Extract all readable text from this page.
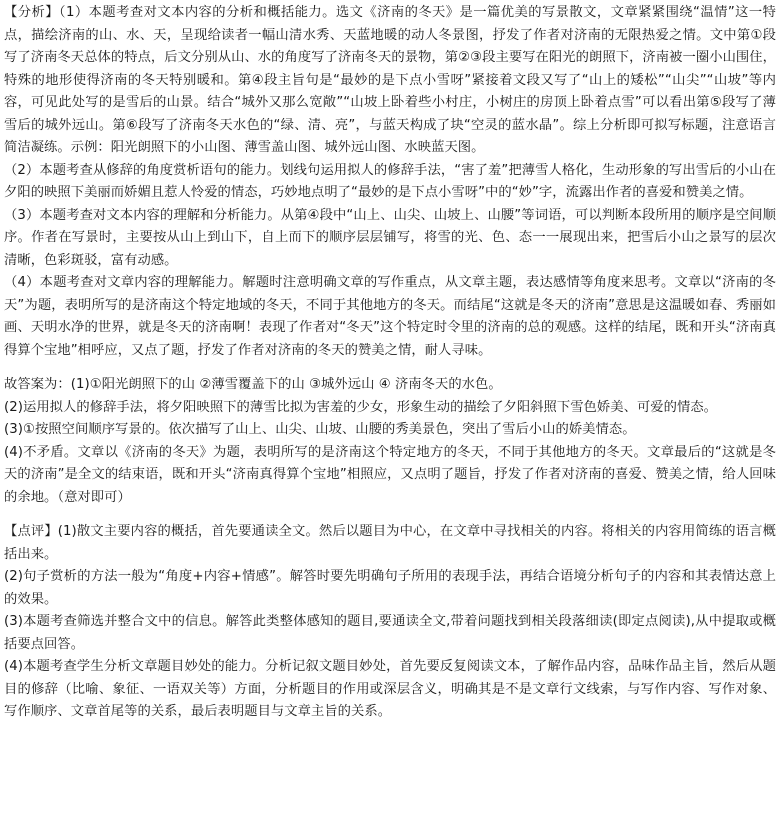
【分析】（1）本题考查对文本内容的分析和概括能力。选文《济南的冬天》是一篇优美的写景散文，文章紧紧围绕“温情”这一特点，描绘济南的山、水、天，呈现给读者一幅山清水秀、天蓝地暖的动人冬景图，抒发了作者对济南的无限热爱之情。文中第①段写了济南冬天总体的特点，后文分别从山、水的角度写了济南冬天的景物，第②③段主要写在阳光的朗照下，济南被一圈小山围住，特殊的地形使得济南的冬天特别暖和。第④段主旨句是“最妙的是下点小雪呀”紧接着文段又写了“山上的矮松”“山尖”“山坡”等内容，可见此处写的是雪后的山景。结合“城外又那么宽敞”“山坡上卧着些小村庄，小树庄的房顶上卧着点雪”可以看出第⑤段写了薄雪后的城外远山。第⑥段写了济南冬天水色的“绿、清、亮”，与蓝天构成了块“空灵的蓝水晶”。综上分析即可拟写标题，注意语言简洁凝练。示例：阳光朗照下的小山图、薄雪盖山图、城外远山图、水映蓝天图。

（2）本题考查从修辞的角度赏析语句的能力。划线句运用拟人的修辞手法，“害了羞”把薄雪人格化，生动形象的写出雪后的小山在夕阳的映照下美丽而娇媚且惹人怜爱的情态，巧妙地点明了“最妙的是下点小雪呀”中的“妙”字，流露出作者的喜爱和赞美之情。

（3）本题考查对文本内容的理解和分析能力。从第④段中“山上、山尖、山坡上、山腰”等词语，可以判断本段所用的顺序是空间顺序。作者在写景时，主要按从山上到山下，自上而下的顺序层层铺写，将雪的光、色、态一一展现出来，把雪后小山之景写的层次清晰，色彩斑驳，富有动感。

（4）本题考查对文章内容的理解能力。解题时注意明确文章的写作重点，从文章主题，表达感情等角度来思考。文章以“济南的冬天”为题，表明所写的是济南这个特定地域的冬天，不同于其他地方的冬天。而结尾“这就是冬天的济南”意思是这温暖如春、秀丽如画、天明水净的世界，就是冬天的济南啊！表现了作者对“冬天”这个特定时令里的济南的总的观感。这样的结尾，既和开头“济南真得算个宝地”相呼应，又点了题，抒发了作者对济南的冬天的赞美之情，耐人寻味。

故答案为：(1)①阳光朗照下的山 ②薄雪覆盖下的山 ③城外远山 ④ 济南冬天的水色。

(2)运用拟人的修辞手法，将夕阳映照下的薄雪比拟为害羞的少女，形象生动的描绘了夕阳斜照下雪色娇美、可爱的情态。

(3)①按照空间顺序写景的。依次描写了山上、山尖、山坡、山腰的秀美景色，突出了雪后小山的娇美情态。

(4)不矛盾。文章以《济南的冬天》为题，表明所写的是济南这个特定地方的冬天，不同于其他地方的冬天。文章最后的“这就是冬天的济南”是全文的结束语，既和开头“济南真得算个宝地”相照应，又点明了题旨，抒发了作者对济南的喜爱、赞美之情，给人回味的余地。（意对即可）

【点评】(1)散文主要内容的概括，首先要通读全文。然后以题目为中心，在文章中寻找相关的内容。将相关的内容用简练的语言概括出来。

(2)句子赏析的方法一般为“角度+内容+情感”。解答时要先明确句子所用的表现手法，再结合语境分析句子的内容和其表情达意上的效果。

(3)本题考查筛选并整合文中的信息。解答此类整体感知的题目,要通读全文,带着问题找到相关段落细读(即定点阅读),从中提取或概括要点回答。

(4)本题考查学生分析文章题目妙处的能力。分析记叙文题目妙处，首先要反复阅读文本，了解作品内容，品味作品主旨，然后从题目的修辞（比喻、象征、一语双关等）方面，分析题目的作用或深层含义，明确其是不是文章行文线索，与写作内容、写作对象、写作顺序、文章首尾等的关系，最后表明题目与文章主旨的关系。
